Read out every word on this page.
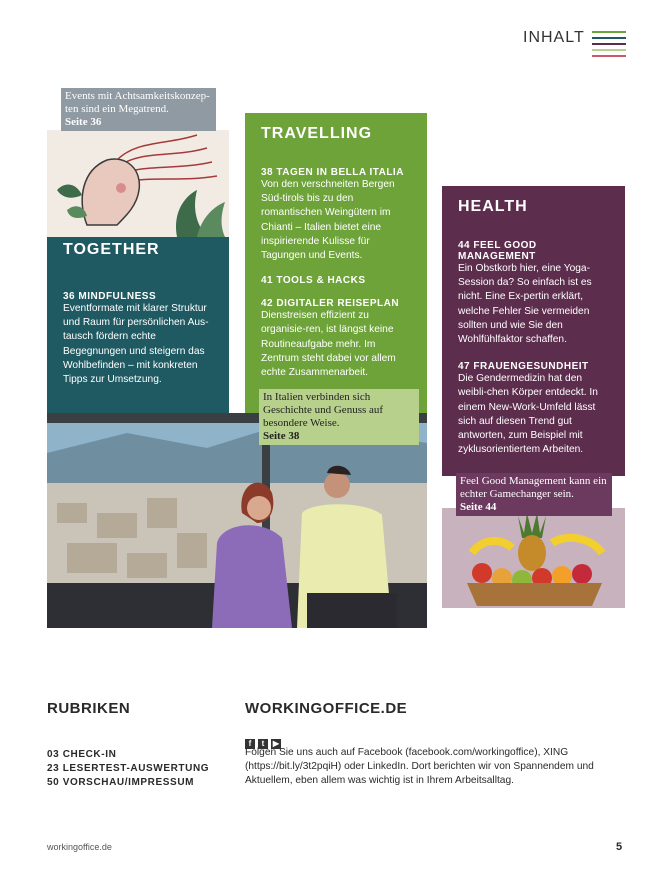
INHALT
Events mit Achtsamkeitskonzep-ten sind ein Megatrend.
Seite 36
TOGETHER
36 MINDFULNESS

Eventformate mit klarer Struktur und Raum für persönlichen Aus-tausch fördern echte Begegnungen und steigern das Wohlbefinden – mit konkreten Tipps zur Umsetzung.

TRAVELLING
38 TAGEN IN BELLA ITALIA

Von den verschneiten Bergen Süd-tirols bis zu den romantischen Weingütern im Chianti – Italien bietet eine inspirierende Kulisse für Tagungen und Events.

41 TOOLS & HACKS
42 DIGITALER REISEPLAN

Dienstreisen effizient zu organisie-ren, ist längst keine Routineaufgabe mehr. Im Zentrum steht dabei vor allem echte Zusammenarbeit.

In Italien verbinden sich Geschichte und Genuss auf besondere Weise.
Seite 38
HEALTH
44 FEEL GOOD MANAGEMENT

Ein Obstkorb hier, eine Yoga-Session da? So einfach ist es nicht. Eine Ex-pertin erklärt, welche Fehler Sie vermeiden sollten und wie Sie den Wohlfühlfaktor schaffen.

47 FRAUENGESUNDHEIT

Die Gendermedizin hat den weibli-chen Körper entdeckt. In einem New-Work-Umfeld lässt sich auf diesen Trend gut antworten, zum Beispiel mit zyklusorientiertem Arbeiten.

Feel Good Management kann ein echter Gamechanger sein.
Seite 44
RUBRIKEN
03 CHECK-IN
23 LESERTEST-AUSWERTUNG
50 VORSCHAU/IMPRESSUM
WORKINGOFFICE.DE
f t ▶
Folgen Sie uns auch auf Facebook (facebook.com/workingoffice), XING (https://bit.ly/3t2pqiH) oder LinkedIn. Dort berichten wir von Spannendem und Aktuellem, eben allem was wichtig ist in Ihrem Arbeitsalltag.
workingoffice.de	5
